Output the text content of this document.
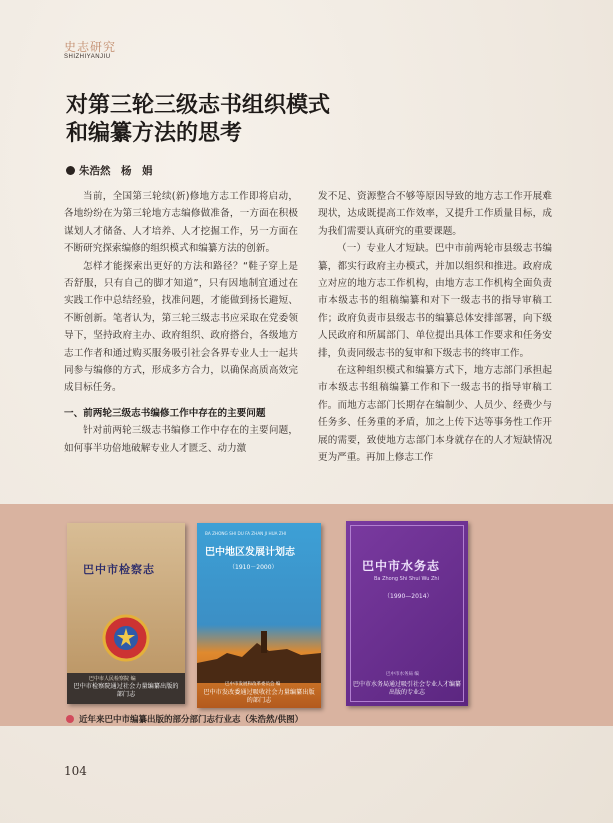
史志研究
SHIZHIYANJIU
对第三轮三级志书组织模式
和编纂方法的思考
朱浩然　杨　娟

当前，全国第三轮续(新)修地方志工作即将启动，各地纷纷在为第三轮地方志编修做准备，一方面在积极谋划人才储备、人才培养、人才挖掘工作，另一方面在不断研究探索编修的组织模式和编纂方法的创新。

怎样才能探索出更好的方法和路径？“鞋子穿上是否舒服，只有自己的脚才知道”，只有因地制宜通过在实践工作中总结经验，找准问题，才能做到扬长避短、不断创新。笔者认为，第三轮三级志书应采取在党委领导下，坚持政府主办、政府组织、政府搭台，各级地方志工作者和通过购买服务吸引社会各界专业人士一起共同参与编修的方式，形成多方合力，以确保高质高效完成目标任务。

一、前两轮三级志书编修工作中存在的主要问题

针对前两轮三级志书编修工作中存在的主要问题，如何事半功倍地破解专业人才匮乏、动力激

发不足、资源整合不够等原因导致的地方志工作开展难现状，达成既提高工作效率，又提升工作质量目标，成为我们需要认真研究的重要课题。

（一）专业人才短缺。巴中市前两轮市县级志书编纂，都实行政府主办模式，并加以组织和推进。政府成立对应的地方志工作机构，由地方志工作机构全面负责市本级志书的组稿编纂和对下一级志书的指导审稿工作；政府负责市县级志书的编纂总体安排部署，向下级人民政府和所属部门、单位提出具体工作要求和任务安排，负责同级志书的复审和下级志书的终审工作。

在这种组织模式和编纂方式下，地方志部门承担起市本级志书组稿编纂工作和下一级志书的指导审稿工作。而地方志部门长期存在编制少、人员少、经费少与任务多、任务重的矛盾，加之上传下达等事务性工作开展的需要，致使地方志部门本身就存在的人才短缺情况更为严重。再加上修志工作

巴中市检察志
巴中市人民检察院 编
巴中市检察院通过社会力量编纂出版的部门志
BA ZHONG SHI DU FA ZHAN JI HUA ZHI
巴中地区发展计划志
（1910－2000）
巴中市发展和改革委员会 编
巴中市发改委通过吸收社会力量编纂出版的部门志
巴中市水务志
Ba Zhong Shi Shui Wu Zhi
（1990—2014）
巴中市水务局 编
巴中市水务局通过吸引社会专业人才编纂出版的专业志
近年来巴中市编纂出版的部分部门志行业志（朱浩然/供图）
104
